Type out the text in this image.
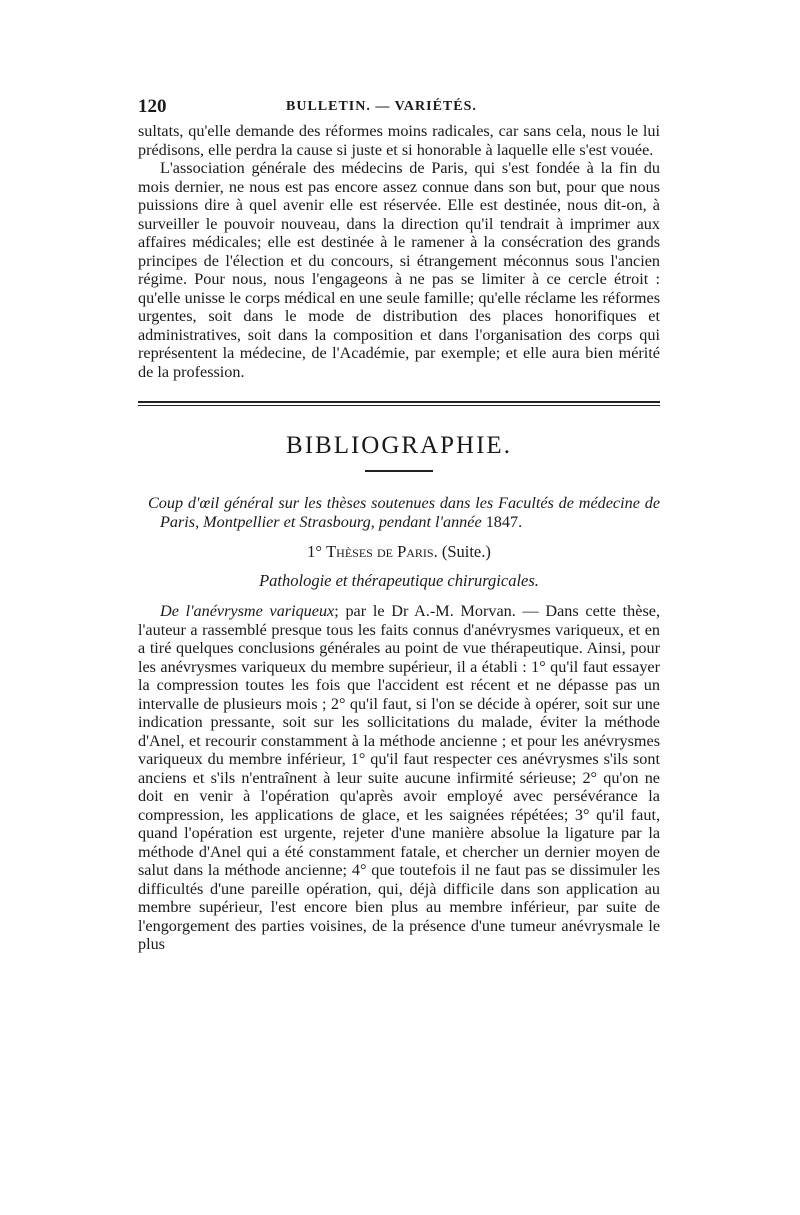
120	BULLETIN. — VARIÉTÉS.

sultats, qu'elle demande des réformes moins radicales, car sans cela, nous le lui prédisons, elle perdra la cause si juste et si honorable à laquelle elle s'est vouée.

L'association générale des médecins de Paris, qui s'est fondée à la fin du mois dernier, ne nous est pas encore assez connue dans son but, pour que nous puissions dire à quel avenir elle est réservée. Elle est destinée, nous dit-on, à surveiller le pouvoir nouveau, dans la direction qu'il tendrait à imprimer aux affaires médicales; elle est destinée à le ramener à la consécration des grands principes de l'élection et du concours, si étrangement méconnus sous l'ancien régime. Pour nous, nous l'engageons à ne pas se limiter à ce cercle étroit : qu'elle unisse le corps médical en une seule famille; qu'elle réclame les réformes urgentes, soit dans le mode de distribution des places honorifiques et administratives, soit dans la composition et dans l'organisation des corps qui représentent la médecine, de l'Académie, par exemple; et elle aura bien mérité de la profession.

BIBLIOGRAPHIE.
Coup d'œil général sur les thèses soutenues dans les Facultés de médecine de Paris, Montpellier et Strasbourg, pendant l'année 1847.
1° Thèses de Paris. (Suite.)
Pathologie et thérapeutique chirurgicales.

De l'anévrysme variqueux; par le Dr A.-M. Morvan. — Dans cette thèse, l'auteur a rassemblé presque tous les faits connus d'anévrysmes variqueux, et en a tiré quelques conclusions générales au point de vue thérapeutique. Ainsi, pour les anévrysmes variqueux du membre supérieur, il a établi : 1° qu'il faut essayer la compression toutes les fois que l'accident est récent et ne dépasse pas un intervalle de plusieurs mois ; 2° qu'il faut, si l'on se décide à opérer, soit sur une indication pressante, soit sur les sollicitations du malade, éviter la méthode d'Anel, et recourir constamment à la méthode ancienne ; et pour les anévrysmes variqueux du membre inférieur, 1° qu'il faut respecter ces anévrysmes s'ils sont anciens et s'ils n'entraînent à leur suite aucune infirmité sérieuse; 2° qu'on ne doit en venir à l'opération qu'après avoir employé avec persévérance la compression, les applications de glace, et les saignées répétées; 3° qu'il faut, quand l'opération est urgente, rejeter d'une manière absolue la ligature par la méthode d'Anel qui a été constamment fatale, et chercher un dernier moyen de salut dans la méthode ancienne; 4° que toutefois il ne faut pas se dissimuler les difficultés d'une pareille opération, qui, déjà difficile dans son application au membre supérieur, l'est encore bien plus au membre inférieur, par suite de l'engorgement des parties voisines, de la présence d'une tumeur anévrysmale le plus
